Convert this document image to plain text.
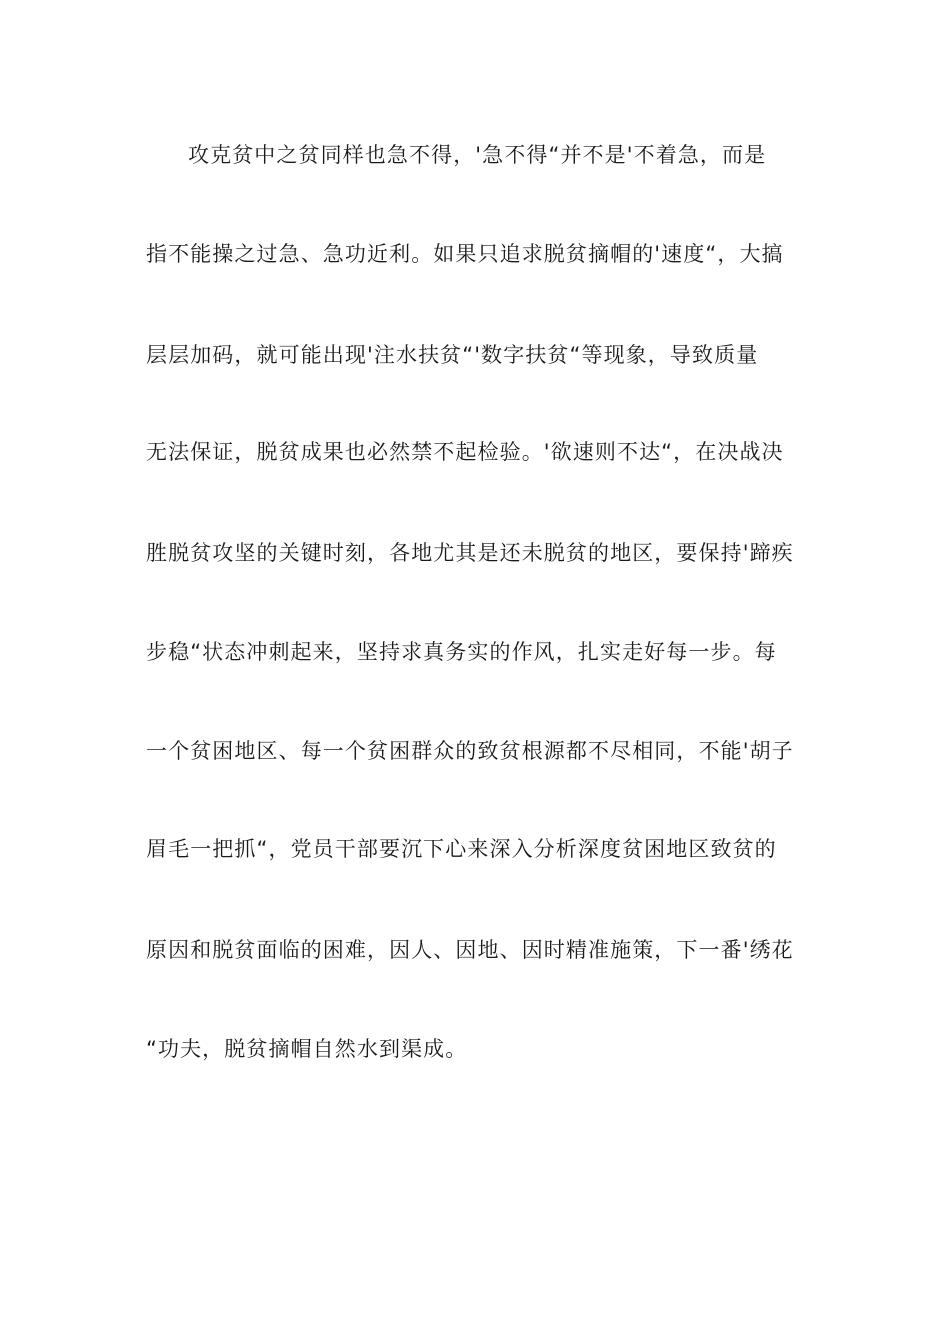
攻克贫中之贫同样也急不得，'急不得“并不是'不着急，而是
指不能操之过急、急功近利。如果只追求脱贫摘帽的'速度“，大搞
层层加码，就可能出现'注水扶贫“'数字扶贫“等现象，导致质量
无法保证，脱贫成果也必然禁不起检验。'欲速则不达“，在决战决
胜脱贫攻坚的关键时刻，各地尤其是还未脱贫的地区，要保持'蹄疾
步稳“状态冲刺起来，坚持求真务实的作风，扎实走好每一步。每
一个贫困地区、每一个贫困群众的致贫根源都不尽相同，不能'胡子
眉毛一把抓“，党员干部要沉下心来深入分析深度贫困地区致贫的
原因和脱贫面临的困难，因人、因地、因时精准施策，下一番'绣花
“功夫，脱贫摘帽自然水到渠成。
